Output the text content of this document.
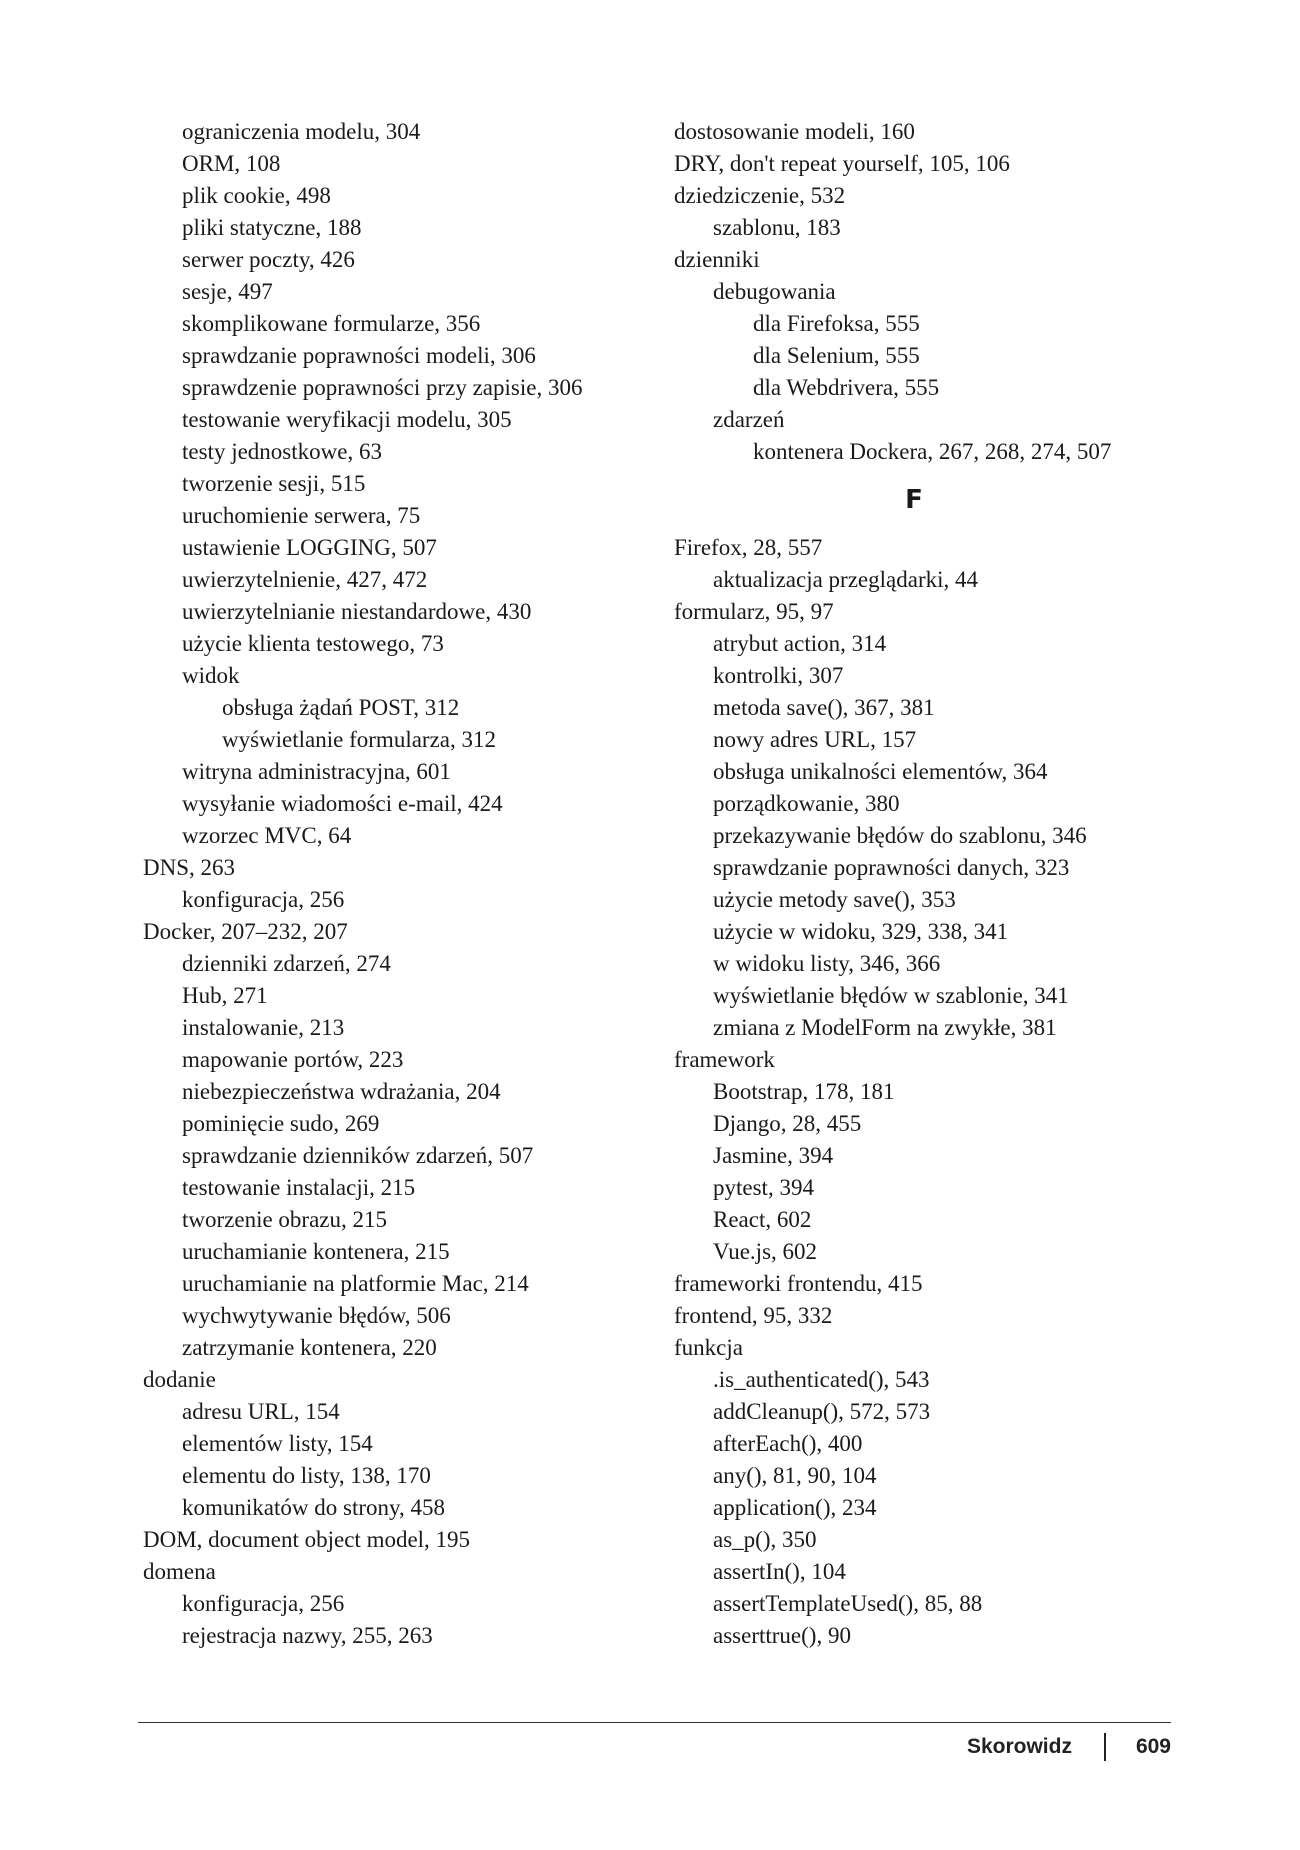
ograniczenia modelu, 304
ORM, 108
plik cookie, 498
pliki statyczne, 188
serwer poczty, 426
sesje, 497
skomplikowane formularze, 356
sprawdzanie poprawności modeli, 306
sprawdzenie poprawności przy zapisie, 306
testowanie weryfikacji modelu, 305
testy jednostkowe, 63
tworzenie sesji, 515
uruchomienie serwera, 75
ustawienie LOGGING, 507
uwierzytelnienie, 427, 472
uwierzytelnianie niestandardowe, 430
użycie klienta testowego, 73
widok
obsługa żądań POST, 312
wyświetlanie formularza, 312
witryna administracyjna, 601
wysyłanie wiadomości e-mail, 424
wzorzec MVC, 64
DNS, 263
konfiguracja, 256
Docker, 207–232, 207
dzienniki zdarzeń, 274
Hub, 271
instalowanie, 213
mapowanie portów, 223
niebezpieczeństwa wdrażania, 204
pominięcie sudo, 269
sprawdzanie dzienników zdarzeń, 507
testowanie instalacji, 215
tworzenie obrazu, 215
uruchamianie kontenera, 215
uruchamianie na platformie Mac, 214
wychwytywanie błędów, 506
zatrzymanie kontenera, 220
dodanie
adresu URL, 154
elementów listy, 154
elementu do listy, 138, 170
komunikatów do strony, 458
DOM, document object model, 195
domena
konfiguracja, 256
rejestracja nazwy, 255, 263
dostosowanie modeli, 160
DRY, don't repeat yourself, 105, 106
dziedziczenie, 532
szablonu, 183
dzienniki
debugowania
dla Firefoksa, 555
dla Selenium, 555
dla Webdrivera, 555
zdarzeń
kontenera Dockera, 267, 268, 274, 507
F
Firefox, 28, 557
aktualizacja przeglądarki, 44
formularz, 95, 97
atrybut action, 314
kontrolki, 307
metoda save(), 367, 381
nowy adres URL, 157
obsługa unikalności elementów, 364
porządkowanie, 380
przekazywanie błędów do szablonu, 346
sprawdzanie poprawności danych, 323
użycie metody save(), 353
użycie w widoku, 329, 338, 341
w widoku listy, 346, 366
wyświetlanie błędów w szablonie, 341
zmiana z ModelForm na zwykłe, 381
framework
Bootstrap, 178, 181
Django, 28, 455
Jasmine, 394
pytest, 394
React, 602
Vue.js, 602
frameworki frontendu, 415
frontend, 95, 332
funkcja
.is_authenticated(), 543
addCleanup(), 572, 573
afterEach(), 400
any(), 81, 90, 104
application(), 234
as_p(), 350
assertIn(), 104
assertTemplateUsed(), 85, 88
asserttrue(), 90
Skorowidz	609
